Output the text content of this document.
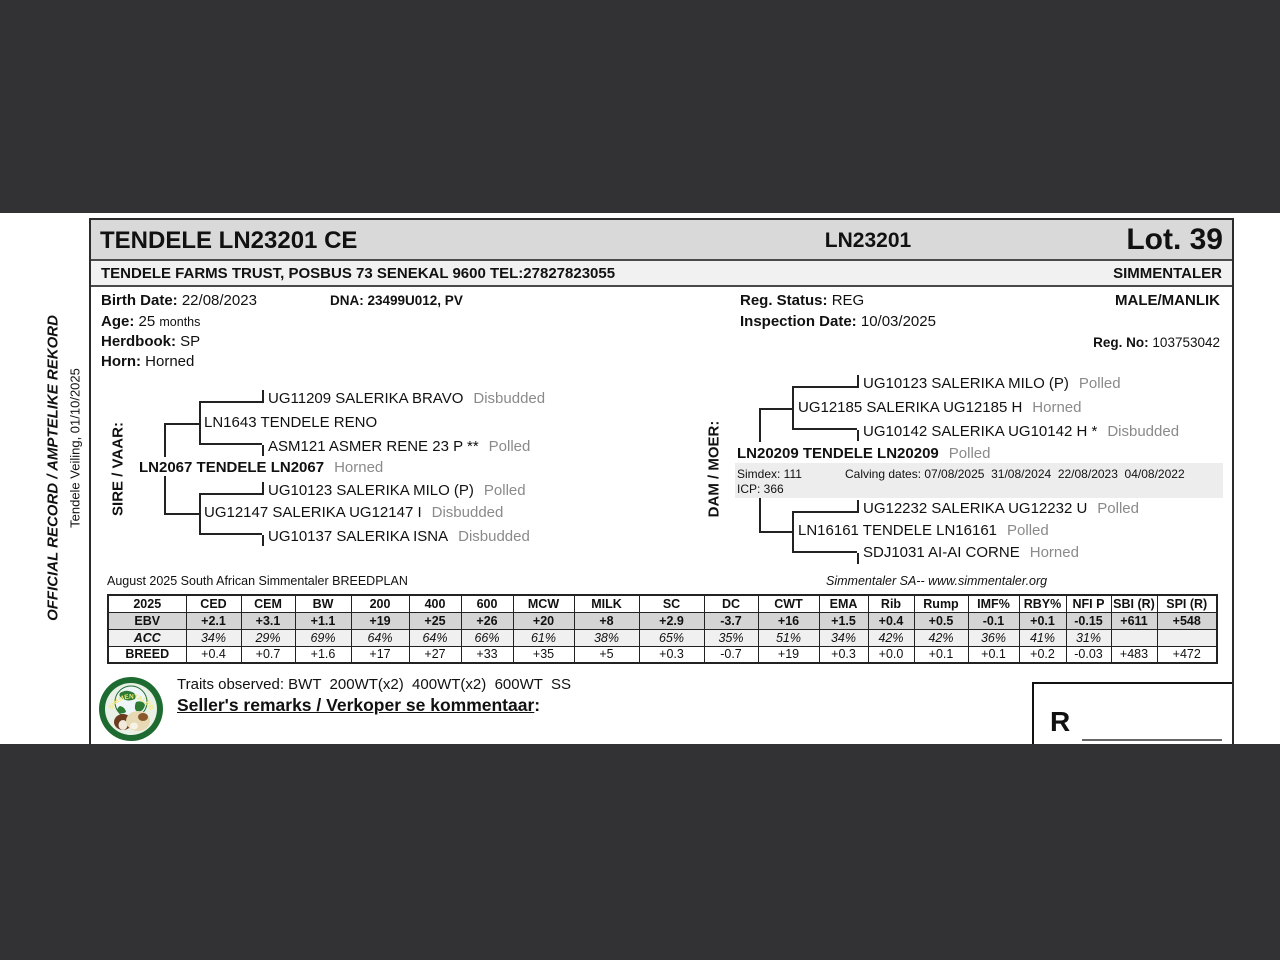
OFFICIAL RECORD / AMPTELIKE REKORD Tendele Veiling, 01/10/2025
TENDELE LN23201 CE	LN23201	Lot. 39
TENDELE FARMS TRUST, POSBUS 73 SENEKAL 9600 TEL:27827823055	SIMMENTALER
Birth Date: 22/08/2023	DNA: 23499U012, PV	Reg. Status: REG	MALE/MANLIK
Age: 25 months	Inspection Date: 10/03/2025
Herdbook: SP	Reg. No: 103753042
Horn: Horned
SIRE / VAAR:
UG11209 SALERIKA BRAVO Disbudded
LN1643 TENDELE RENO
ASM121 ASMER RENE 23 P ** Polled
LN2067 TENDELE LN2067 Horned
UG10123 SALERIKA MILO (P) Polled
UG12147 SALERIKA UG12147 I Disbudded
UG10137 SALERIKA ISNA Disbudded
DAM / MOER:
UG10123 SALERIKA MILO (P) Polled
UG12185 SALERIKA UG12185 H Horned
UG10142 SALERIKA UG10142 H * Disbudded
LN20209 TENDELE LN20209 Polled
Simdex: 111	Calving dates: 07/08/2025  31/08/2024  22/08/2023  04/08/2022
ICP: 366
UG12232 SALERIKA UG12232 U Polled
LN16161 TENDELE LN16161 Polled
SDJ1031 AI-AI CORNE Horned
August 2025 South African Simmentaler BREEDPLAN	Simmentaler SA-- www.simmentaler.org
2025	CED	CEM	BW	200	400	600	MCW	MILK	SC	DC	CWT	EMA	Rib	Rump	IMF%	RBY%	NFI P	SBI (R)	SPI (R)
EBV	+2.1	+3.1	+1.1	+19	+25	+26	+20	+8	+2.9	-3.7	+16	+1.5	+0.4	+0.5	-0.1	+0.1	-0.15	+611	+548
ACC	34%	29%	69%	64%	64%	66%	61%	38%	65%	35%	51%	34%	42%	42%	36%	41%	31%		
BREED	+0.4	+0.7	+1.6	+17	+27	+33	+35	+5	+0.3	-0.7	+19	+0.3	+0.0	+0.1	+0.1	+0.2	-0.03	+483	+472
SIMMENTALER
Traits observed: BWT  200WT(x2)  400WT(x2)  600WT  SS
Seller's remarks / Verkoper se kommentaar:
R
